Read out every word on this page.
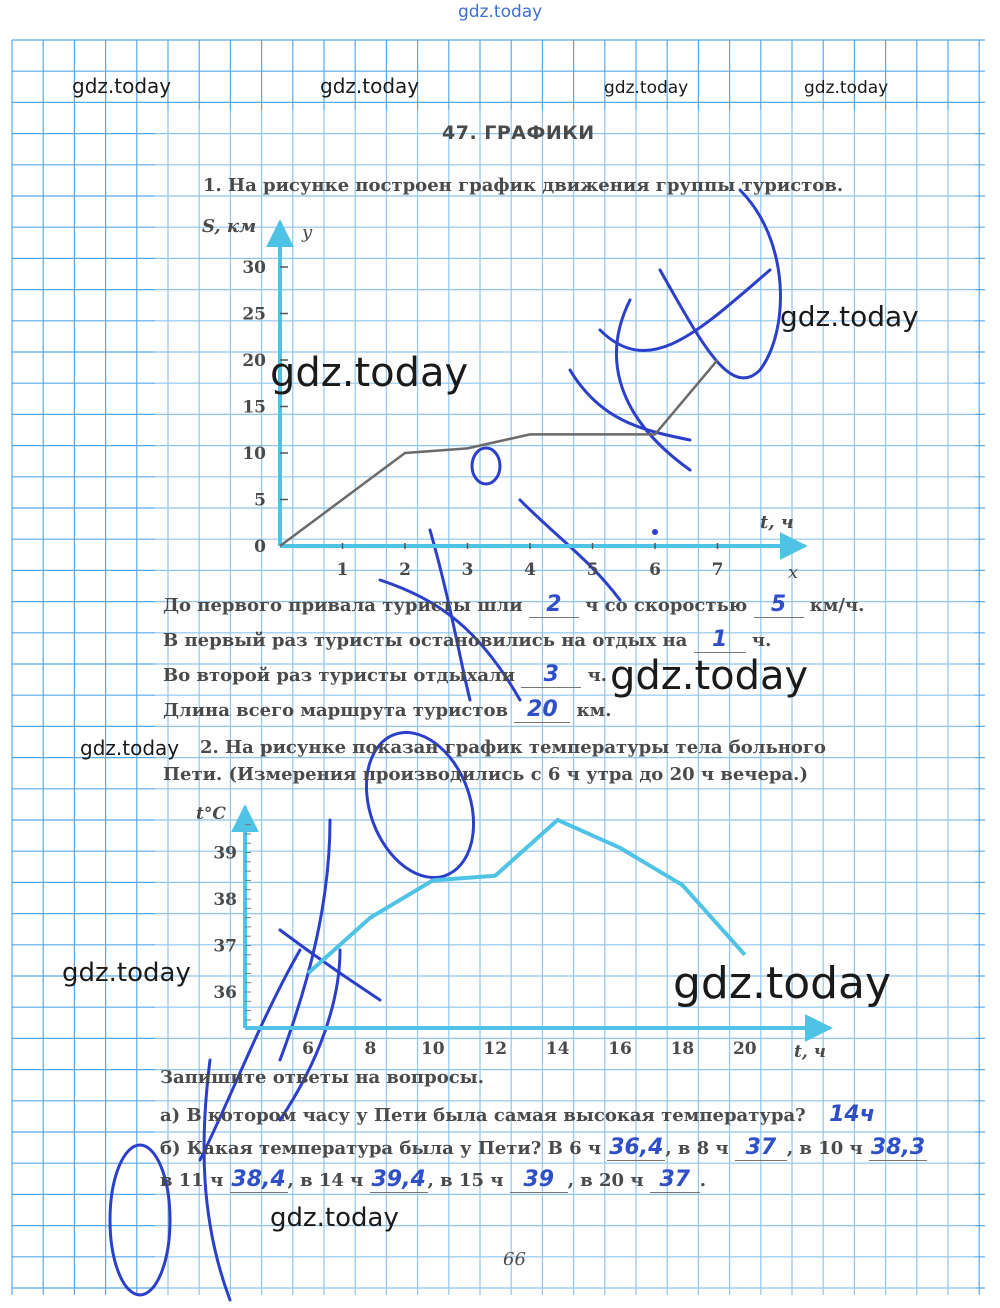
gdz.today
gdz.today	gdz.today	gdz.today	gdz.today
47. ГРАФИКИ
1. На рисунке построен график движения группы туристов.
0
5
10
15
20
25
30
1	2	3	4	5	6	7
S, км	y
t, ч
x
gdz.today
gdz.today
До первого привала туристы шли 2 ч со скоростью 5 км/ч.
В первый раз туристы остановились на отдых на 1 ч.
Во второй раз туристы отдыхали 3 ч. gdz.today
Длина всего маршрута туристов 20 км.
gdz.today 2. На рисунке показан график температуры тела больного
Пети. (Измерения производились с 6 ч утра до 20 ч вечера.)
36
37
38
39
6	8	10 12 14 16 18 20
t°C
t, ч
gdz.today	gdz.today
Запишите ответы на вопросы.
а) В котором часу у Пети была самая высокая температура? 14ч
б) Какая температура была у Пети? В 6 ч 36,4 , в 8 ч 37 , в 10 ч 38,3
в 11 ч 38,4 , в 14 ч 39,4 , в 15 ч 39 , в 20 ч 37 .
gdz.today
66
